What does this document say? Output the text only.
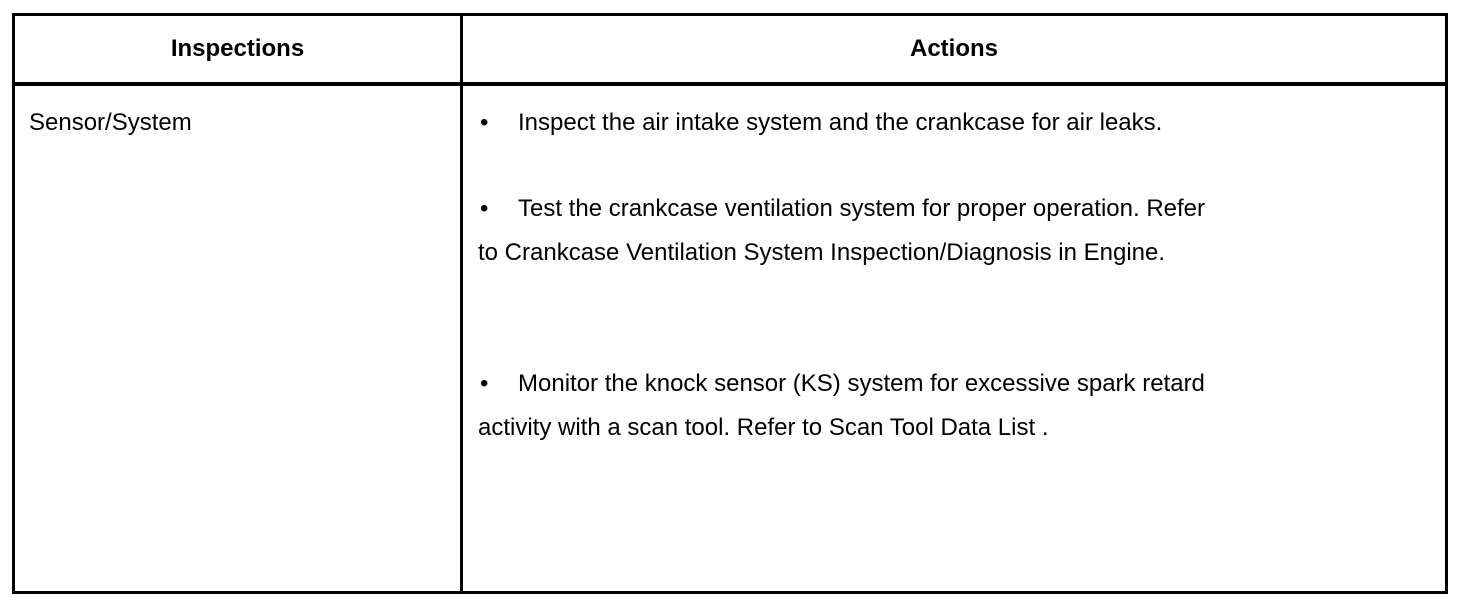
Inspections	Actions
Sensor/System	• Inspect the air intake system and the crankcase for air leaks.
• Test the crankcase ventilation system for proper operation. Refer
to Crankcase Ventilation System Inspection/Diagnosis in Engine.
• Monitor the knock sensor (KS) system for excessive spark retard
activity with a scan tool. Refer to Scan Tool Data List .
